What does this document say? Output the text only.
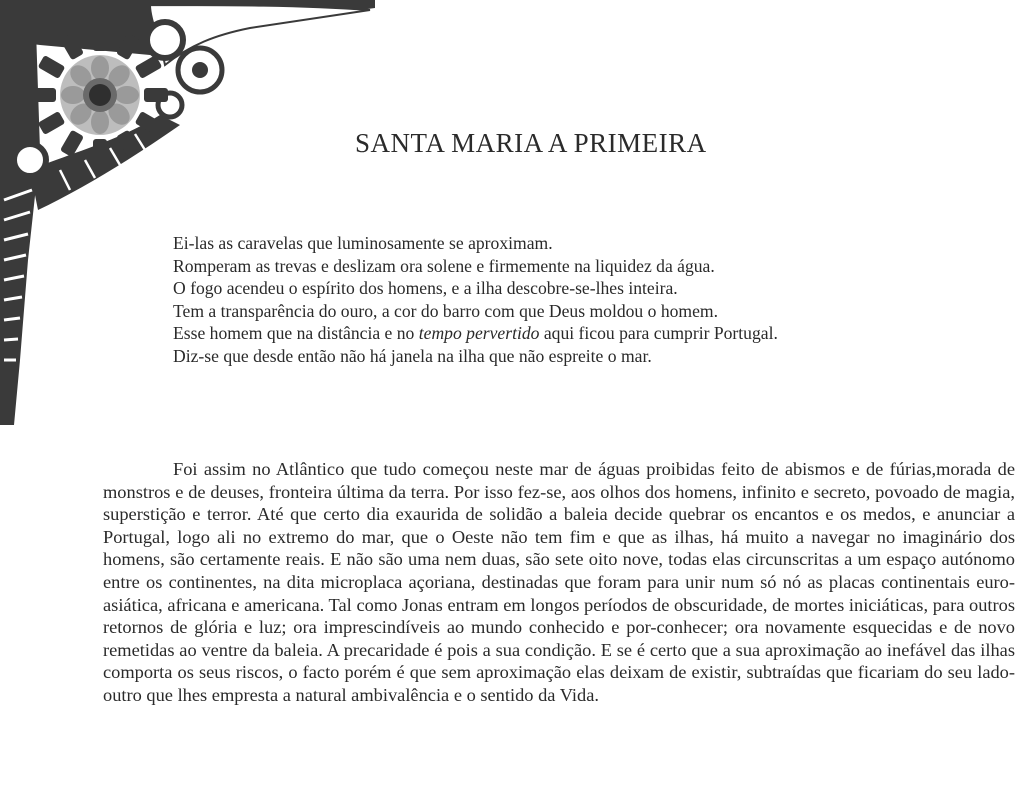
SANTA MARIA A PRIMEIRA
Ei-las as caravelas que luminosamente se aproximam.
Romperam as trevas e deslizam ora solene e firmemente na liquidez da água.
O fogo acendeu o espírito dos homens, e a ilha descobre-se-lhes inteira.
Tem a transparência do ouro, a cor do barro com que Deus moldou o homem.
Esse homem que na distância e no tempo pervertido aqui ficou para cumprir Portugal.
Diz-se que desde então não há janela na ilha que não espreite o mar.

Foi assim no Atlântico que tudo começou neste mar de águas proibidas feito de abismos e de fúrias,morada de monstros e de deuses, fronteira última da terra. Por isso fez-se, aos olhos dos homens, infinito e secreto, povoado de magia, superstição e terror. Até que certo dia exaurida de solidão a baleia decide quebrar os encantos e os medos, e anunciar a Portugal, logo ali no extremo do mar, que o Oeste não tem fim e que as ilhas, há muito a navegar no imaginário dos homens, são certamente reais. E não são uma nem duas, são sete oito nove, todas elas circunscritas a um espaço autónomo entre os continentes, na dita microplaca açoriana, destinadas que foram para unir num só nó as placas continentais euro-asiática, africana e americana. Tal como Jonas entram em longos períodos de obscuridade, de mortes iniciáticas, para outros retornos de glória e luz; ora imprescindíveis ao mundo conhecido e por-conhecer; ora novamente esquecidas e de novo remetidas ao ventre da baleia. A precaridade é pois a sua condição. E se é certo que a sua aproximação ao inefável das ilhas comporta os seus riscos, o facto porém é que sem aproximação elas deixam de existir, subtraídas que ficariam do seu lado-outro que lhes empresta a natural ambivalência e o sentido da Vida.
